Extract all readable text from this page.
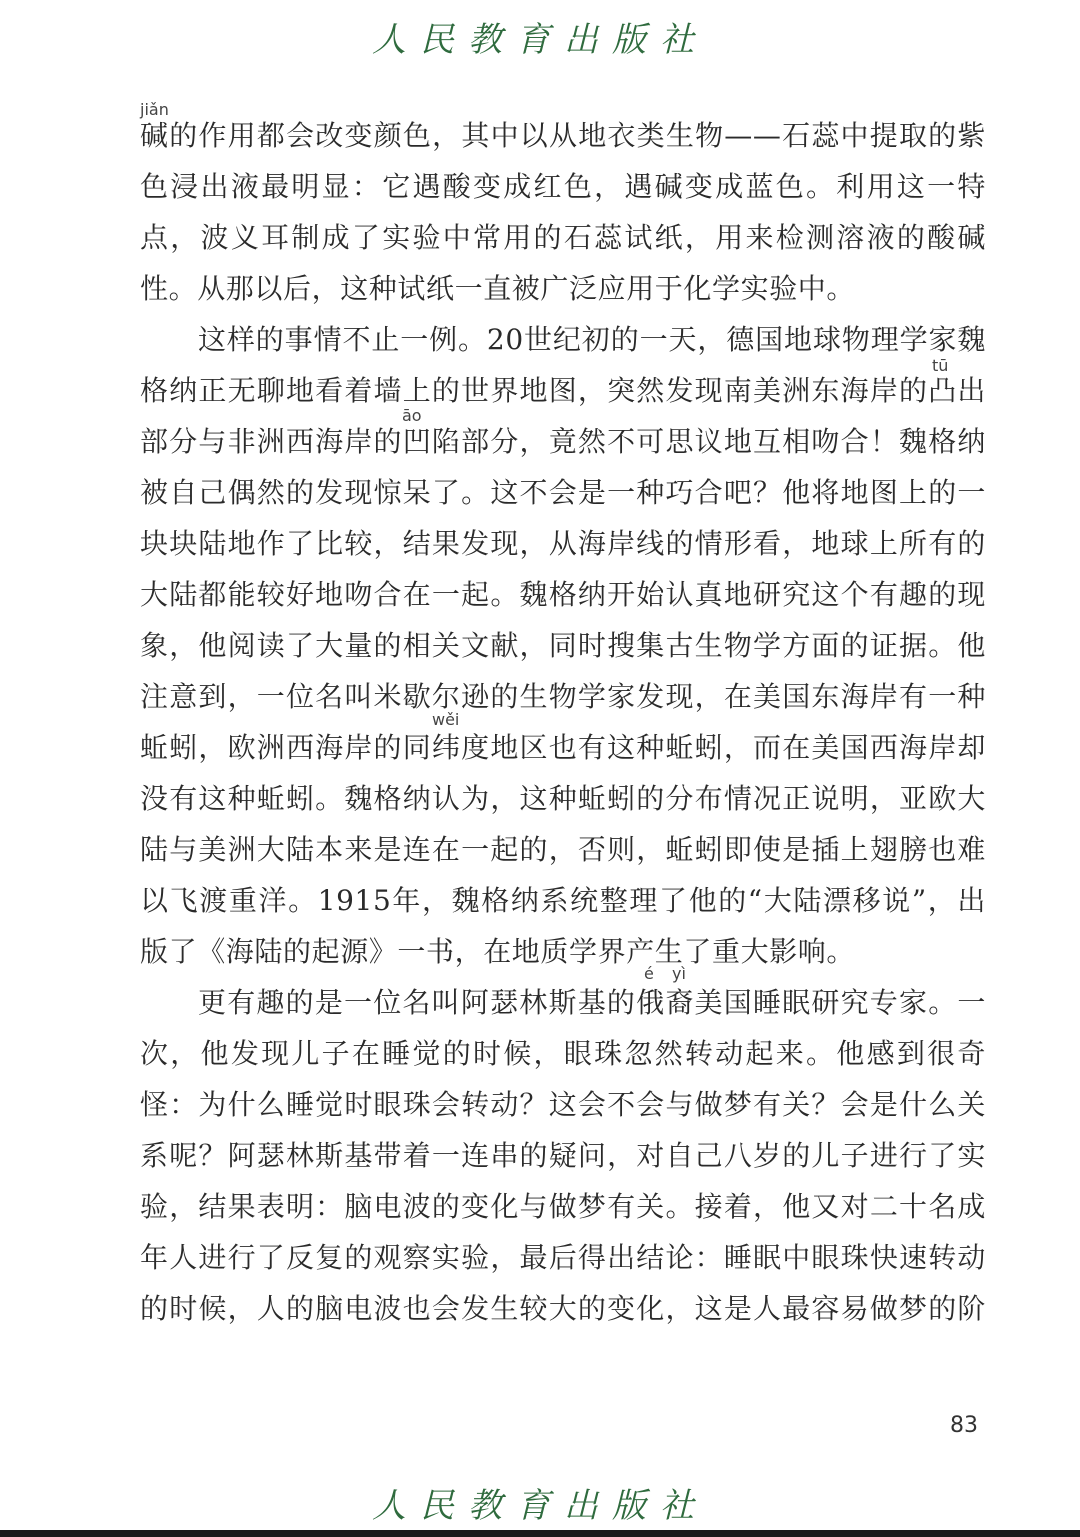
人民教育出版社
jiǎn
tū
āo
wěi
é yì
碱的作用都会改变颜色，其中以从地衣类生物——石蕊中提取的紫
色浸出液最明显：它遇酸变成红色，遇碱变成蓝色。利用这一特
点，波义耳制成了实验中常用的石蕊试纸，用来检测溶液的酸碱
性。从那以后，这种试纸一直被广泛应用于化学实验中。
这样的事情不止一例。20世纪初的一天，德国地球物理学家魏
格纳正无聊地看着墙上的世界地图，突然发现南美洲东海岸的凸出
部分与非洲西海岸的凹陷部分，竟然不可思议地互相吻合！魏格纳
被自己偶然的发现惊呆了。这不会是一种巧合吧？他将地图上的一
块块陆地作了比较，结果发现，从海岸线的情形看，地球上所有的
大陆都能较好地吻合在一起。魏格纳开始认真地研究这个有趣的现
象，他阅读了大量的相关文献，同时搜集古生物学方面的证据。他
注意到，一位名叫米歇尔逊的生物学家发现，在美国东海岸有一种
蚯蚓，欧洲西海岸的同纬度地区也有这种蚯蚓，而在美国西海岸却
没有这种蚯蚓。魏格纳认为，这种蚯蚓的分布情况正说明，亚欧大
陆与美洲大陆本来是连在一起的，否则，蚯蚓即使是插上翅膀也难
以飞渡重洋。1915年，魏格纳系统整理了他的“大陆漂移说”，出
版了《海陆的起源》一书，在地质学界产生了重大影响。
更有趣的是一位名叫阿瑟林斯基的俄裔美国睡眠研究专家。一
次，他发现儿子在睡觉的时候，眼珠忽然转动起来。他感到很奇
怪：为什么睡觉时眼珠会转动？这会不会与做梦有关？会是什么关
系呢？阿瑟林斯基带着一连串的疑问，对自己八岁的儿子进行了实
验，结果表明：脑电波的变化与做梦有关。接着，他又对二十名成
年人进行了反复的观察实验，最后得出结论：睡眠中眼珠快速转动
的时候，人的脑电波也会发生较大的变化，这是人最容易做梦的阶
83
人民教育出版社
